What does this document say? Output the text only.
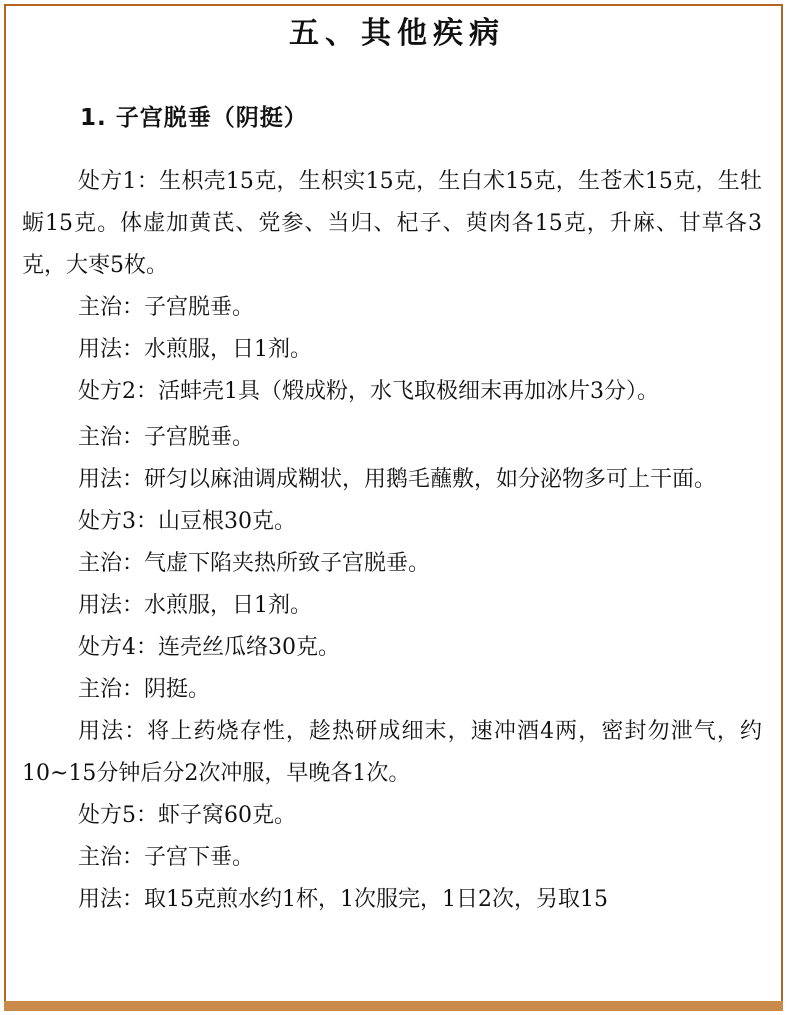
五、其他疾病
1. 子宫脱垂（阴挺）

处方1：生枳壳15克，生枳实15克，生白术15克，生苍术15克，生牡蛎15克。体虚加黄芪、党参、当归、杞子、萸肉各15克，升麻、甘草各3克，大枣5枚。

主治：子宫脱垂。

用法：水煎服，日1剂。

处方2：活蚌壳1具（煅成粉，水飞取极细末再加冰片3分）。

主治：子宫脱垂。

用法：研匀以麻油调成糊状，用鹅毛蘸敷，如分泌物多可上干面。

处方3：山豆根30克。

主治：气虚下陷夹热所致子宫脱垂。

用法：水煎服，日1剂。

处方4：连壳丝瓜络30克。

主治：阴挺。

用法：将上药烧存性，趁热研成细末，速冲酒4两，密封勿泄气，约10~15分钟后分2次冲服，早晚各1次。

处方5：虾子窝60克。

主治：子宫下垂。

用法：取15克煎水约1杯，1次服完，1日2次，另取15
